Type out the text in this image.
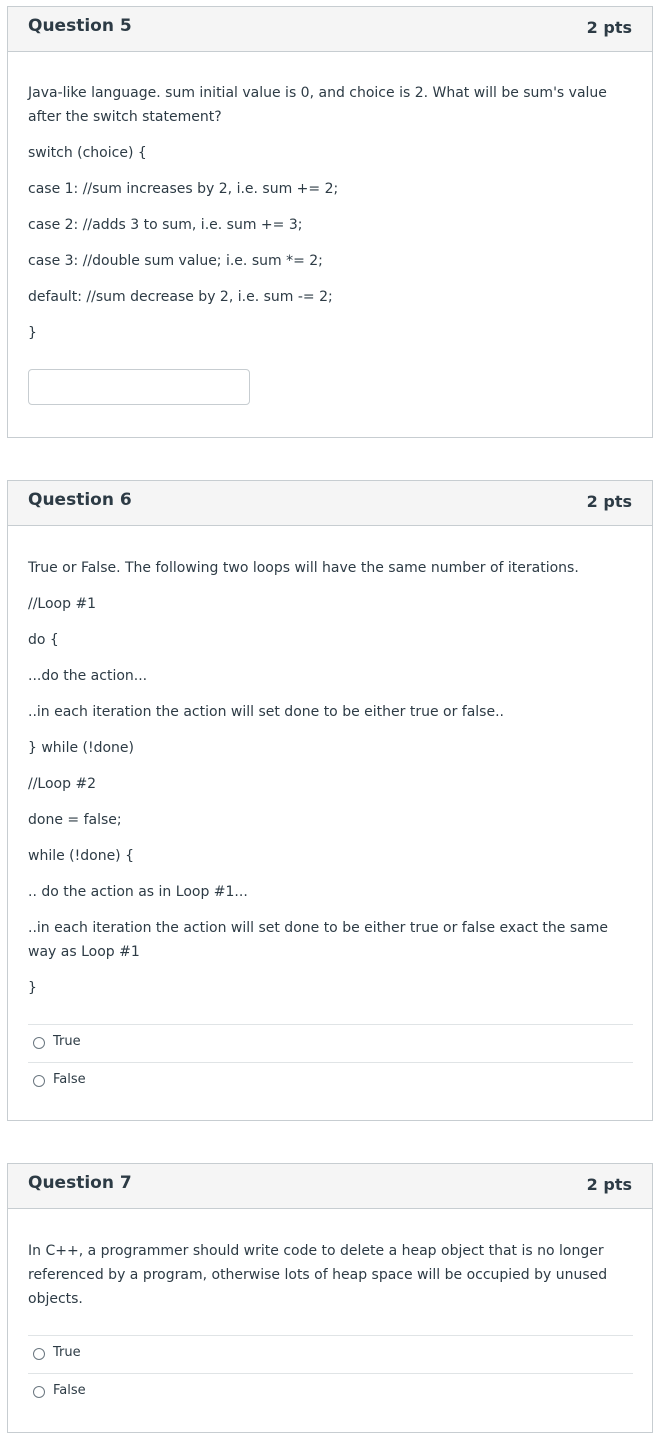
Question 5	2 pts
Java-like language. sum initial value is 0, and choice is 2. What will be sum's value after the switch statement?
switch (choice) {
case 1: //sum increases by 2, i.e. sum += 2;
case 2: //adds 3 to sum, i.e. sum += 3;
case 3: //double sum value; i.e. sum *= 2;
default: //sum decrease by 2, i.e. sum -= 2;
}
Question 6	2 pts
True or False. The following two loops will have the same number of iterations.
//Loop #1
do {
...do the action...
..in each iteration the action will set done to be either true or false..
} while (!done)
//Loop #2
done = false;
while (!done) {
.. do the action as in Loop #1...
..in each iteration the action will set done to be either true or false exact the same way as Loop #1
}
True
False
Question 7	2 pts
In C++, a programmer should write code to delete a heap object that is no longer referenced by a program, otherwise lots of heap space will be occupied by unused objects.
True
False
